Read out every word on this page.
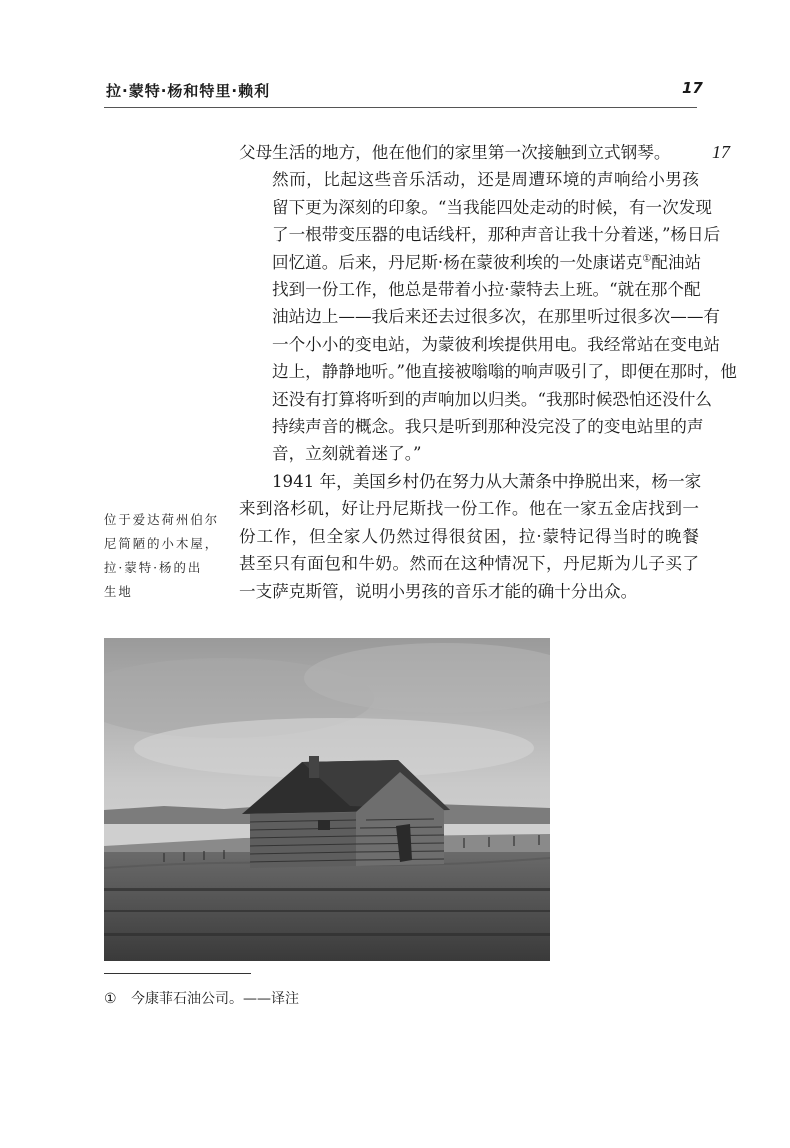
拉·蒙特·杨和特里·赖利	17
17

父母生活的地方，他在他们的家里第一次接触到立式钢琴。

然而，比起这些音乐活动，还是周遭环境的声响给小男孩
留下更为深刻的印象。“当我能四处走动的时候，有一次发现
了一根带变压器的电话线杆，那种声音让我十分着迷，”杨日后
回忆道。后来，丹尼斯·杨在蒙彼利埃的一处康诺克①配油站
找到一份工作，他总是带着小拉·蒙特去上班。“就在那个配
油站边上——我后来还去过很多次，在那里听过很多次——有
一个小小的变电站，为蒙彼利埃提供用电。我经常站在变电站
边上，静静地听。”他直接被嗡嗡的响声吸引了，即便在那时，他
还没有打算将听到的声响加以归类。“我那时候恐怕还没什么
持续声音的概念。我只是听到那种没完没了的变电站里的声
音，立刻就着迷了。”

1941 年，美国乡村仍在努力从大萧条中挣脱出来，杨一家
来到洛杉矶，好让丹尼斯找一份工作。他在一家五金店找到一
份工作，但全家人仍然过得很贫困，拉·蒙特记得当时的晚餐
甚至只有面包和牛奶。然而在这种情况下，丹尼斯为儿子买了
一支萨克斯管，说明小男孩的音乐才能的确十分出众。

位于爱达荷州伯尔
尼简陋的小木屋，
拉·蒙特·杨的出
生地
① 今康菲石油公司。——译注
